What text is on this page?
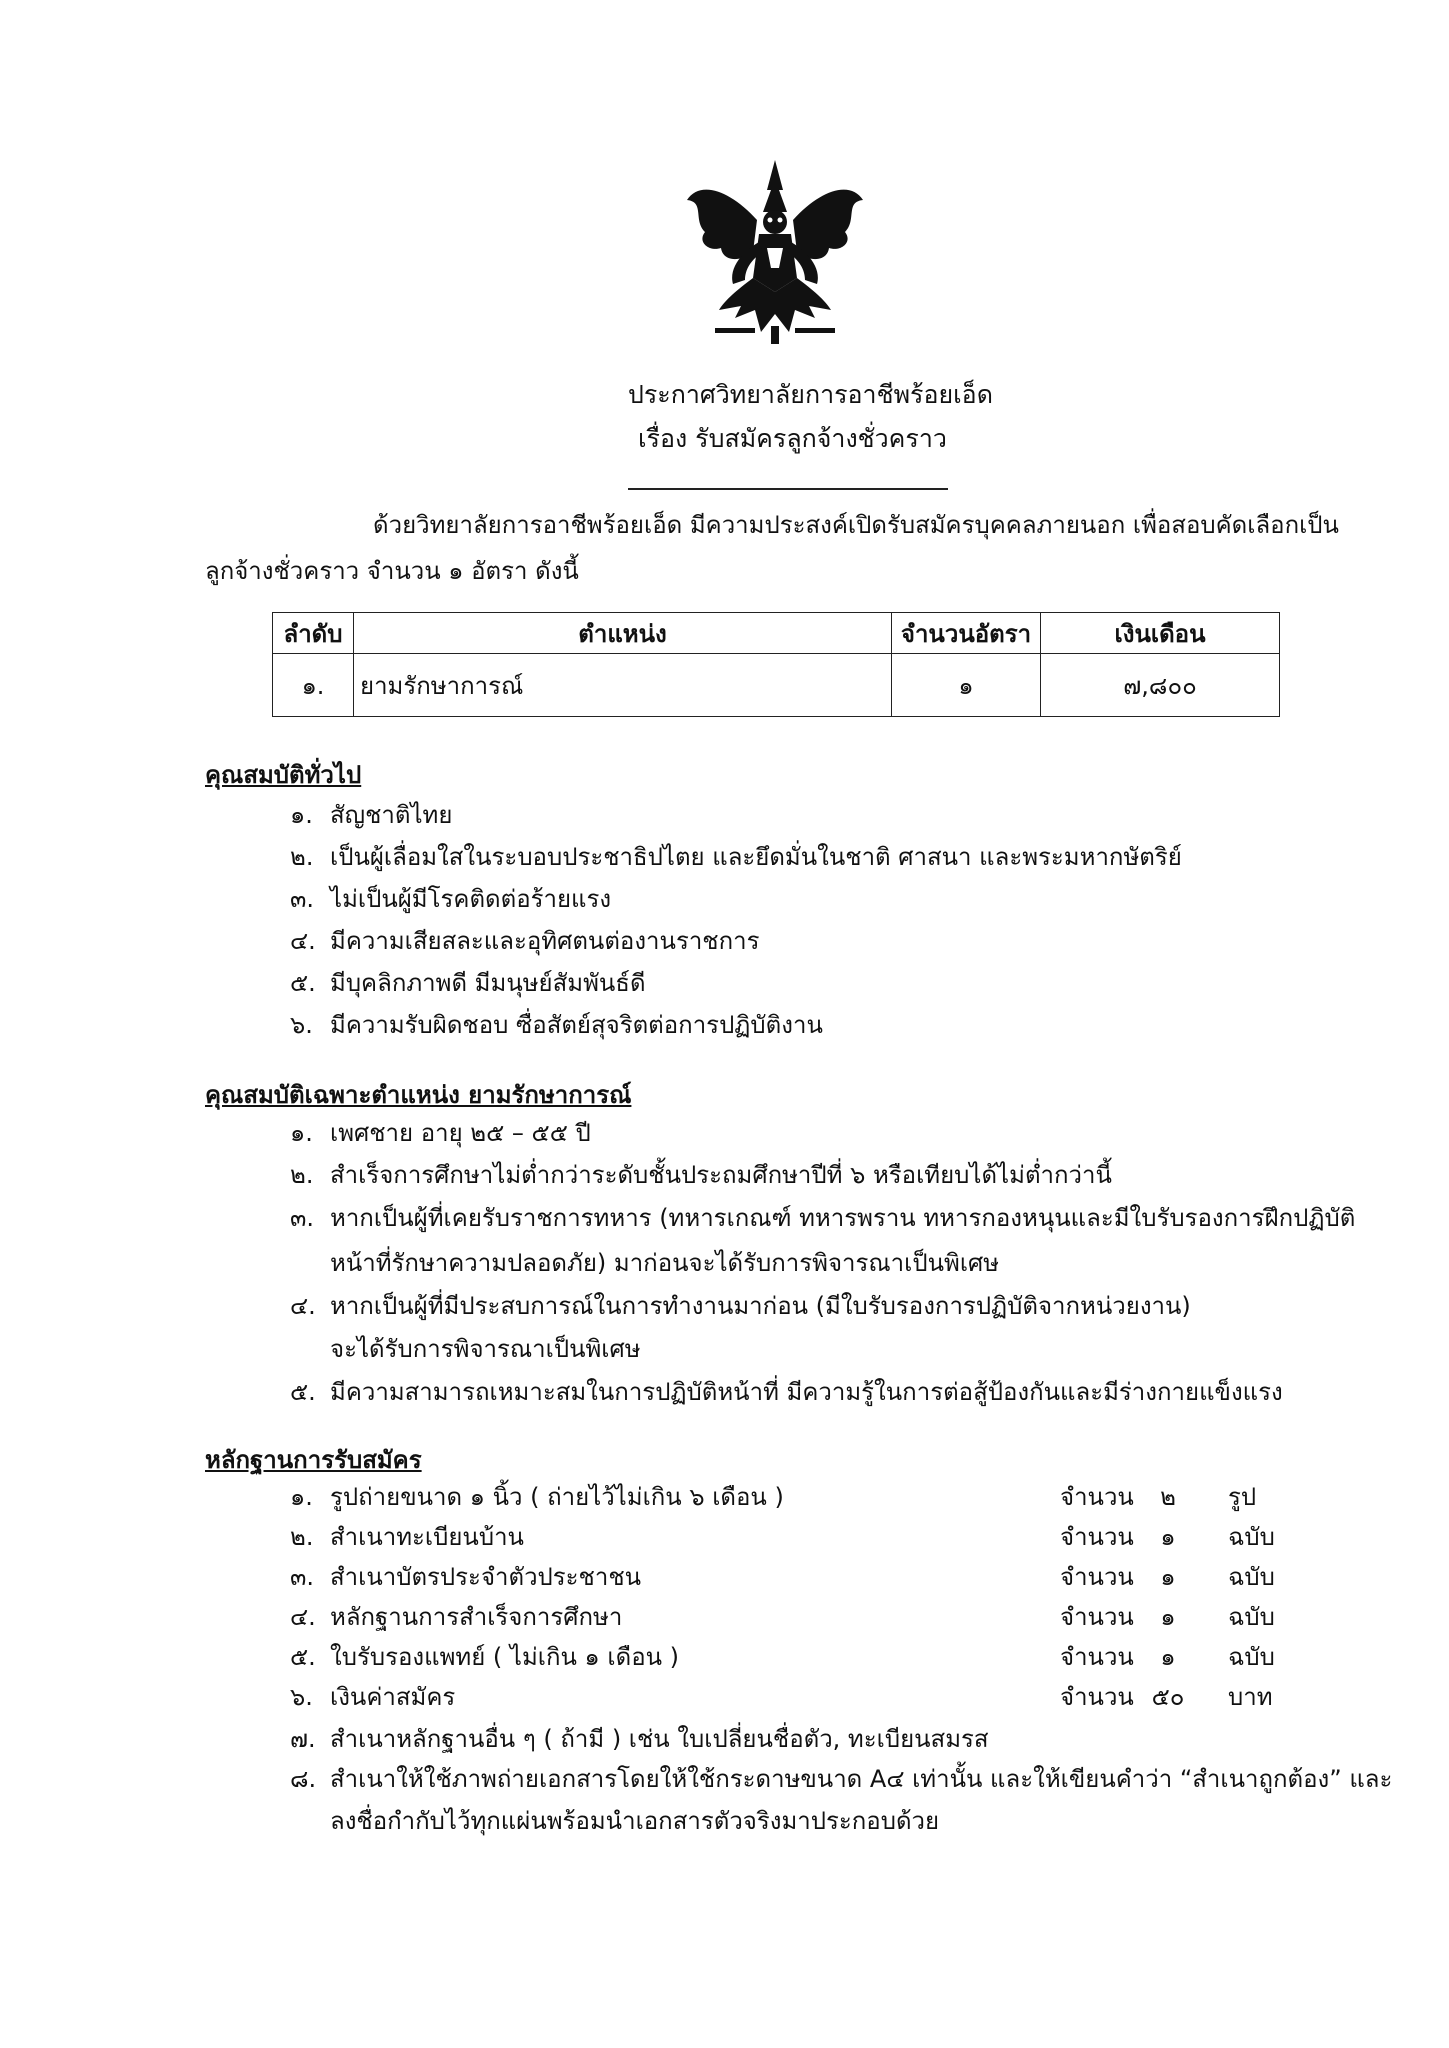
ประกาศวิทยาลัยการอาชีพร้อยเอ็ด
เรื่อง รับสมัครลูกจ้างชั่วคราว
ด้วยวิทยาลัยการอาชีพร้อยเอ็ด มีความประสงค์เปิดรับสมัครบุคคลภายนอก เพื่อสอบคัดเลือกเป็น
ลูกจ้างชั่วคราว จำนวน ๑ อัตรา ดังนี้
ลำดับ	ตำแหน่ง	จำนวนอัตรา	เงินเดือน
๑.	ยามรักษาการณ์	๑	๗,๘๐๐
คุณสมบัติทั่วไป
๑. สัญชาติไทย
๒. เป็นผู้เลื่อมใสในระบอบประชาธิปไตย และยึดมั่นในชาติ ศาสนา และพระมหากษัตริย์
๓. ไม่เป็นผู้มีโรคติดต่อร้ายแรง
๔. มีความเสียสละและอุทิศตนต่องานราชการ
๕. มีบุคลิกภาพดี มีมนุษย์สัมพันธ์ดี
๖. มีความรับผิดชอบ ซื่อสัตย์สุจริตต่อการปฏิบัติงาน
คุณสมบัติเฉพาะตำแหน่ง ยามรักษาการณ์
๑. เพศชาย อายุ ๒๕ – ๕๕ ปี
๒. สำเร็จการศึกษาไม่ต่ำกว่าระดับชั้นประถมศึกษาปีที่ ๖ หรือเทียบได้ไม่ต่ำกว่านี้
๓. หากเป็นผู้ที่เคยรับราชการทหาร (ทหารเกณฑ์ ทหารพราน ทหารกองหนุนและมีใบรับรองการฝึกปฏิบัติ
หน้าที่รักษาความปลอดภัย) มาก่อนจะได้รับการพิจารณาเป็นพิเศษ
๔. หากเป็นผู้ที่มีประสบการณ์ในการทำงานมาก่อน (มีใบรับรองการปฏิบัติจากหน่วยงาน)
จะได้รับการพิจารณาเป็นพิเศษ
๕. มีความสามารถเหมาะสมในการปฏิบัติหน้าที่ มีความรู้ในการต่อสู้ป้องกันและมีร่างกายแข็งแรง
หลักฐานการรับสมัคร
๑. รูปถ่ายขนาด ๑ นิ้ว ( ถ่ายไว้ไม่เกิน ๖ เดือน )	จำนวน	๒	รูป
๒. สำเนาทะเบียนบ้าน	จำนวน	๑	ฉบับ
๓. สำเนาบัตรประจำตัวประชาชน	จำนวน	๑	ฉบับ
๔. หลักฐานการสำเร็จการศึกษา	จำนวน	๑	ฉบับ
๕. ใบรับรองแพทย์ ( ไม่เกิน ๑ เดือน )	จำนวน	๑	ฉบับ
๖. เงินค่าสมัคร	จำนวน ๕๐	บาท
๗. สำเนาหลักฐานอื่น ๆ ( ถ้ามี ) เช่น ใบเปลี่ยนชื่อตัว, ทะเบียนสมรส
๘. สำเนาให้ใช้ภาพถ่ายเอกสารโดยให้ใช้กระดาษขนาด A๔ เท่านั้น และให้เขียนคำว่า “สำเนาถูกต้อง” และ
ลงชื่อกำกับไว้ทุกแผ่นพร้อมนำเอกสารตัวจริงมาประกอบด้วย
